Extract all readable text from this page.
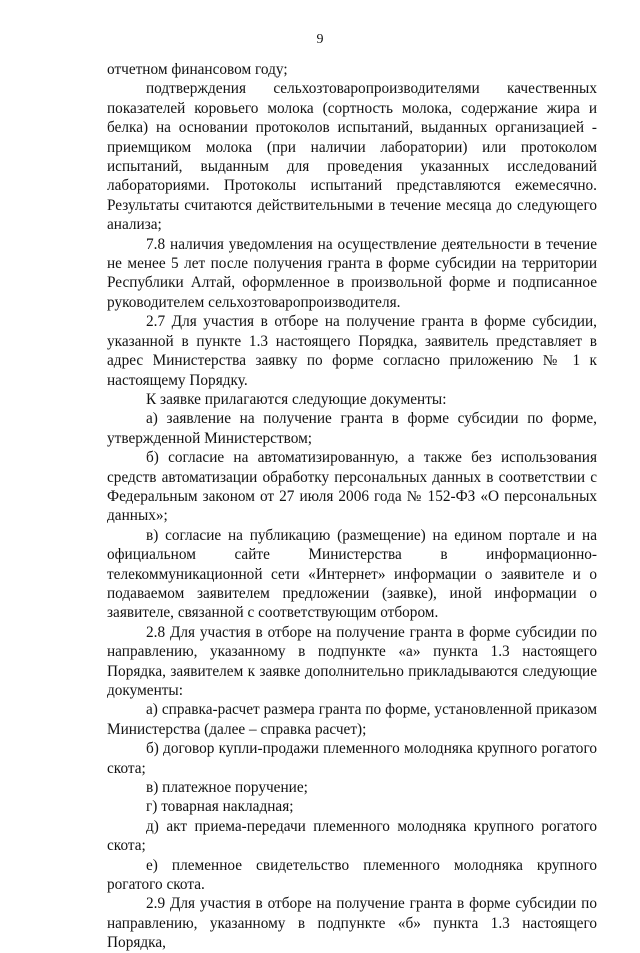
9

отчетном финансовом году;

подтверждения сельхозтоваропроизводителями качественных показателей коровьего молока (сортность молока, содержание жира и белка) на основании протоколов испытаний, выданных организацией - приемщиком молока (при наличии лаборатории) или протоколом испытаний, выданным для проведения указанных исследований лабораториями. Протоколы испытаний представляются ежемесячно. Результаты считаются действительными в течение месяца до следующего анализа;

7.8 наличия уведомления на осуществление деятельности в течение не менее 5 лет после получения гранта в форме субсидии на территории Республики Алтай, оформленное в произвольной форме и подписанное руководителем сельхозтоваропроизводителя.

2.7 Для участия в отборе на получение гранта в форме субсидии, указанной в пункте 1.3 настоящего Порядка, заявитель представляет в адрес Министерства заявку по форме согласно приложению № 1 к настоящему Порядку.

К заявке прилагаются следующие документы:

а) заявление на получение гранта в форме субсидии по форме, утвержденной Министерством;

б) согласие на автоматизированную, а также без использования средств автоматизации обработку персональных данных в соответствии с Федеральным законом от 27 июля 2006 года № 152-ФЗ «О персональных данных»;

в) согласие на публикацию (размещение) на едином портале и на официальном сайте Министерства в информационно-телекоммуникационной сети «Интернет» информации о заявителе и о подаваемом заявителем предложении (заявке), иной информации о заявителе, связанной с соответствующим отбором.

2.8 Для участия в отборе на получение гранта в форме субсидии по направлению, указанному в подпункте «а» пункта 1.3 настоящего Порядка, заявителем к заявке дополнительно прикладываются следующие документы:

а) справка-расчет размера гранта по форме, установленной приказом Министерства (далее – справка расчет);

б) договор купли-продажи племенного молодняка крупного рогатого скота;

в) платежное поручение;

г) товарная накладная;

д) акт приема-передачи племенного молодняка крупного рогатого скота;

е) племенное свидетельство племенного молодняка крупного рогатого скота.

2.9 Для участия в отборе на получение гранта в форме субсидии по направлению, указанному в подпункте «б» пункта 1.3 настоящего Порядка,
